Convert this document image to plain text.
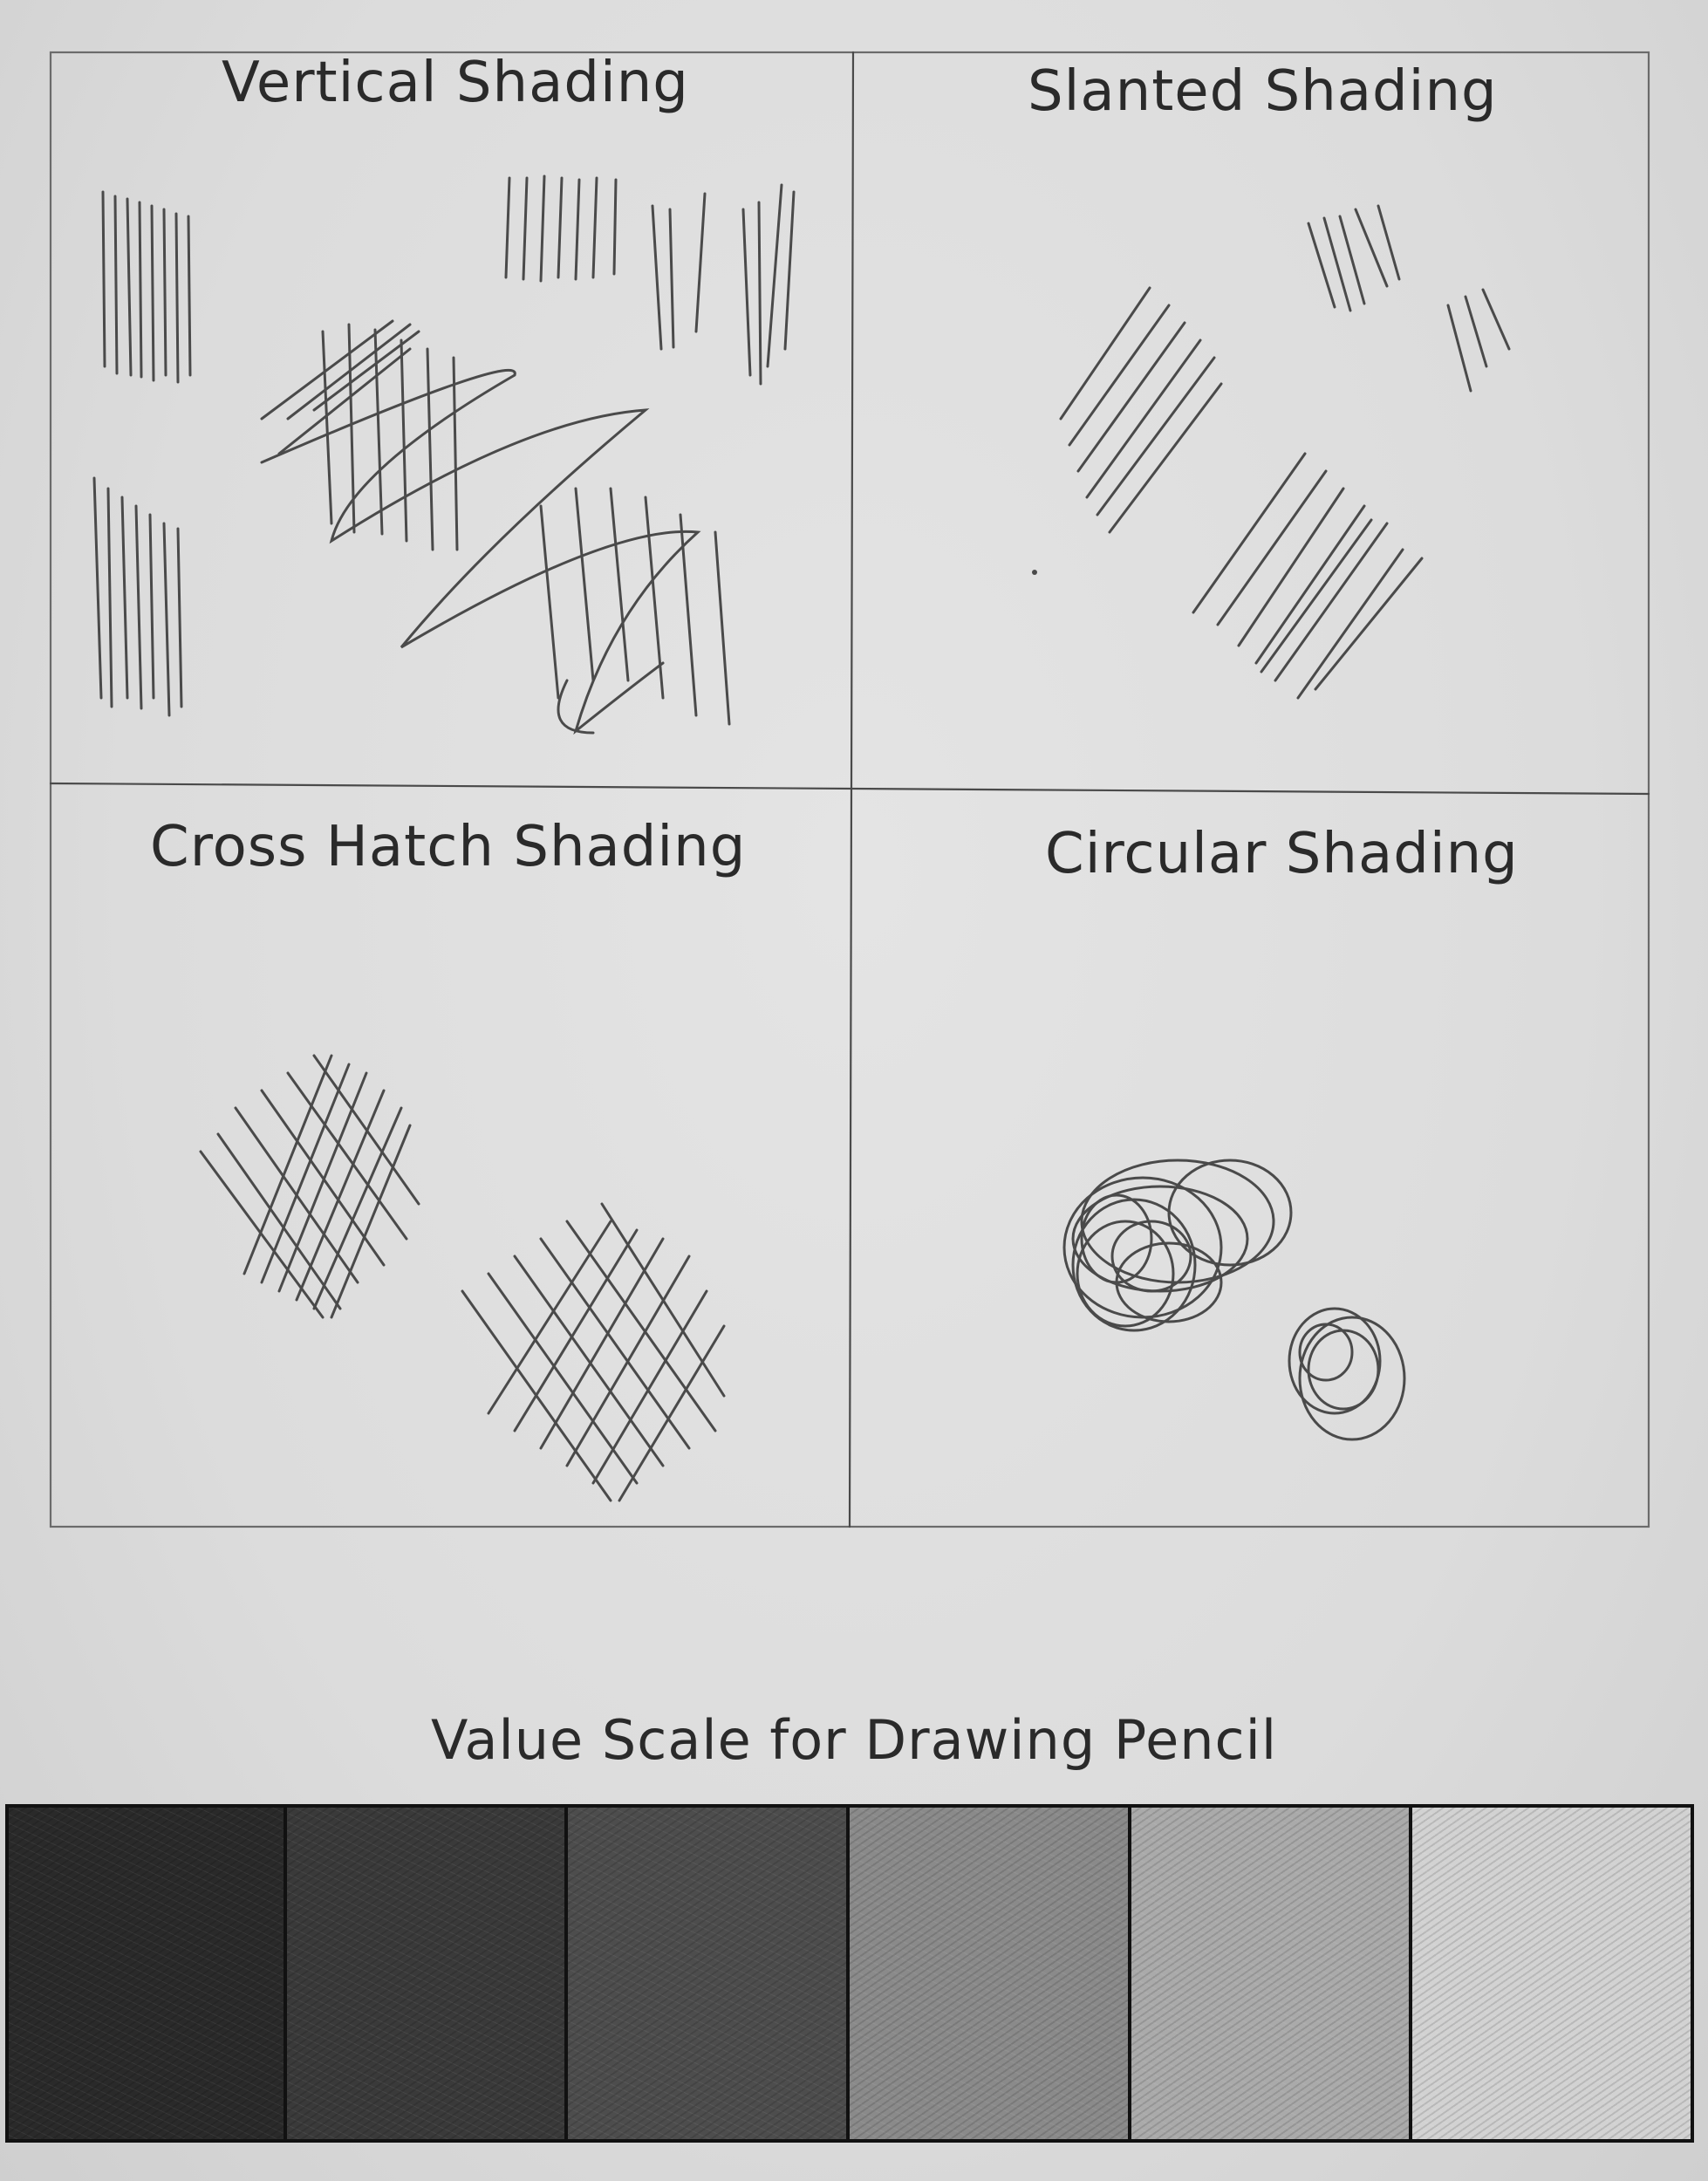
Vertical Shading	Slanted Shading
Cross Hatch Shading	Circular Shading
Value Scale for Drawing Pencil
